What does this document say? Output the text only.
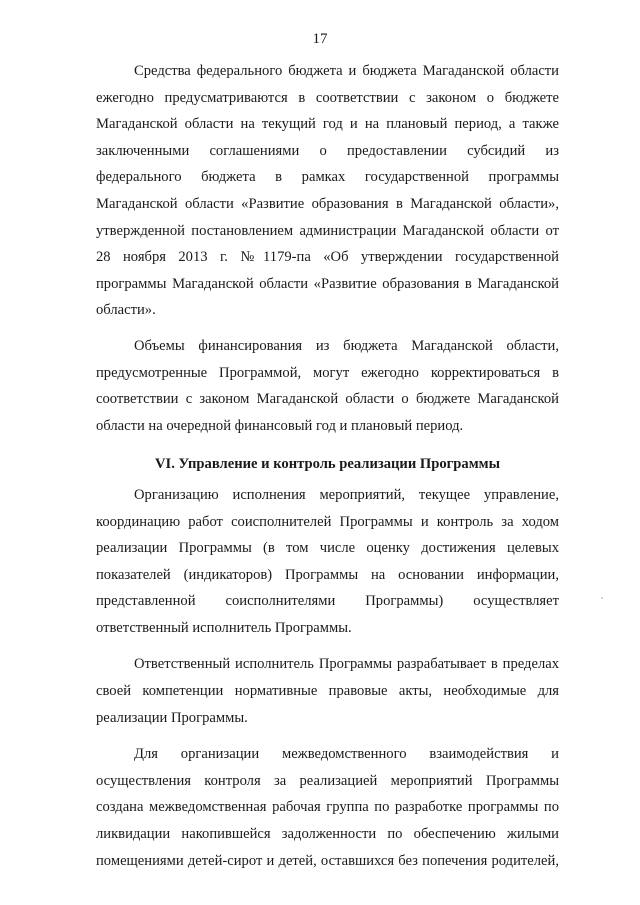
17

Средства федерального бюджета и бюджета Магаданской области ежегодно предусматриваются в соответствии с законом о бюджете Магаданской области на текущий год и на плановый период, а также заключенными соглашениями о предоставлении субсидий из федерального бюджета в рамках государственной программы Магаданской области «Развитие образования в Магаданской области», утвержденной постановлением администрации Магаданской области от 28 ноября 2013 г. №1179-па «Об утверждении государственной программы Магаданской области «Развитие образования в Магаданской области».

Объемы финансирования из бюджета Магаданской области, предусмотренные Программой, могут ежегодно корректироваться в соответствии с законом Магаданской области о бюджете Магаданской области на очередной финансовый год и плановый период.

VI. Управление и контроль реализации Программы

Организацию исполнения мероприятий, текущее управление, координацию работ соисполнителей Программы и контроль за ходом реализации Программы (в том числе оценку достижения целевых показателей (индикаторов) Программы на основании информации, представленной соисполнителями Программы) осуществляет ответственный исполнитель Программы.

Ответственный исполнитель Программы разрабатывает в пределах своей компетенции нормативные правовые акты, необходимые для реализации Программы.

Для организации межведомственного взаимодействия и осуществления контроля за реализацией мероприятий Программы создана межведомственная рабочая группа по разработке программы по ликвидации накопившейся задолженности по обеспечению жилыми помещениями детей-сирот и детей, оставшихся без попечения родителей,
